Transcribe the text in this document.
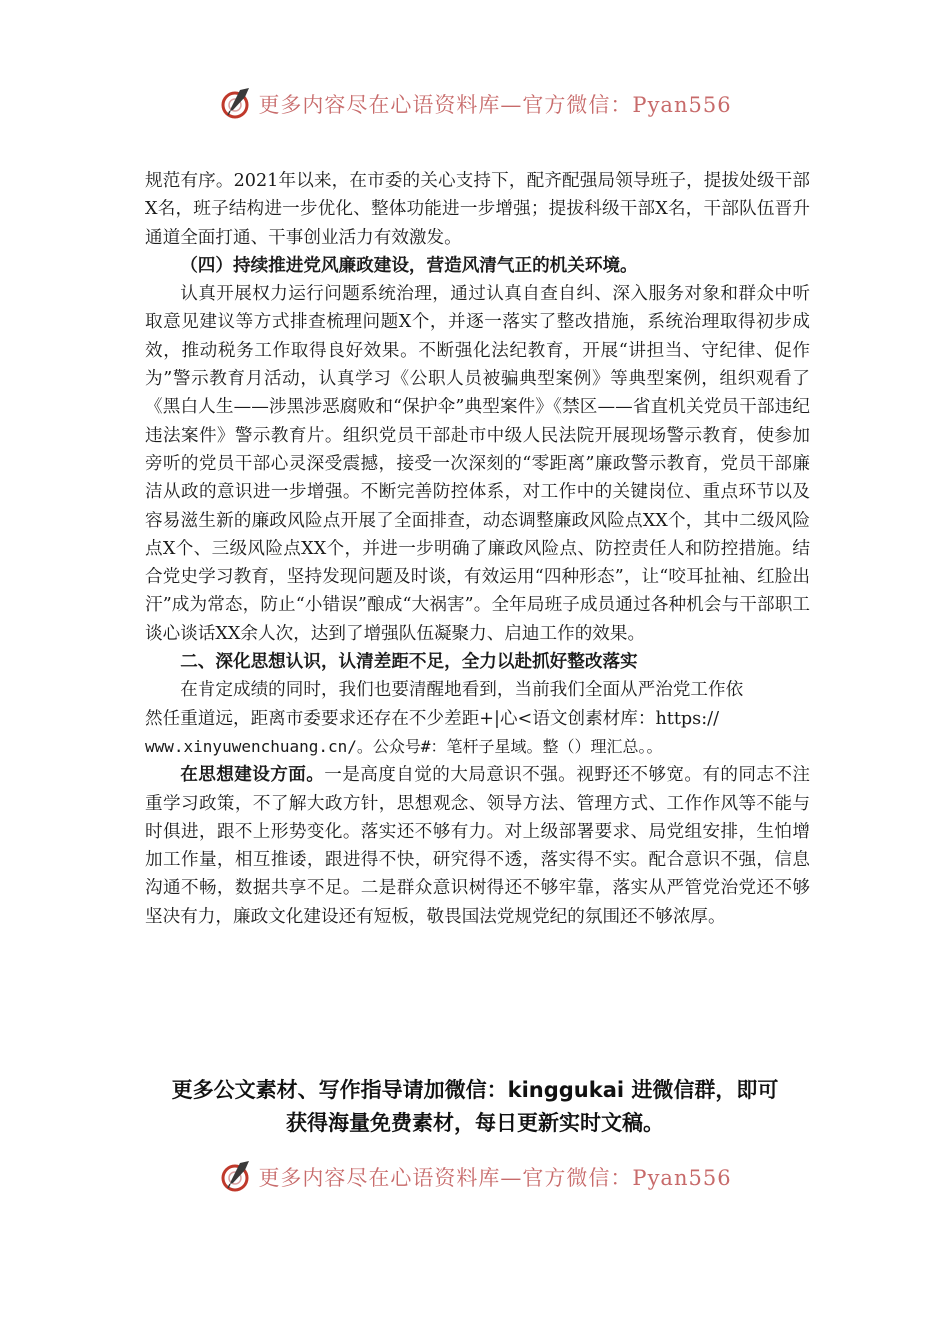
更多内容尽在心语资料库—官方微信：Pyan556

规范有序。2021年以来，在市委的关心支持下，配齐配强局领导班子，提拔处级干部X名，班子结构进一步优化、整体功能进一步增强；提拔科级干部X名，干部队伍晋升通道全面打通、干事创业活力有效激发。

（四）持续推进党风廉政建设，营造风清气正的机关环境。

认真开展权力运行问题系统治理，通过认真自查自纠、深入服务对象和群众中听取意见建议等方式排查梳理问题X个，并逐一落实了整改措施，系统治理取得初步成效，推动税务工作取得良好效果。不断强化法纪教育，开展“讲担当、守纪律、促作为”警示教育月活动，认真学习《公职人员被骗典型案例》等典型案例，组织观看了《黑白人生——涉黑涉恶腐败和“保护伞”典型案件》《禁区——省直机关党员干部违纪违法案件》警示教育片。组织党员干部赴市中级人民法院开展现场警示教育，使参加旁听的党员干部心灵深受震撼，接受一次深刻的“零距离”廉政警示教育，党员干部廉洁从政的意识进一步增强。不断完善防控体系，对工作中的关键岗位、重点环节以及容易滋生新的廉政风险点开展了全面排查，动态调整廉政风险点XX个，其中二级风险点X个、三级风险点XX个，并进一步明确了廉政风险点、防控责任人和防控措施。结合党史学习教育，坚持发现问题及时谈，有效运用“四种形态”，让“咬耳扯袖、红脸出汗”成为常态，防止“小错误”酿成“大祸害”。全年局班子成员通过各种机会与干部职工谈心谈话XX余人次，达到了增强队伍凝聚力、启迪工作的效果。

二、深化思想认识，认清差距不足，全力以赴抓好整改落实

在肯定成绩的同时，我们也要清醒地看到，当前我们全面从严治党工作依
然任重道远，距离市委要求还存在不少差距+|心<语文创素材库：https://
www.xinyuwenchuang.cn/。公众号#：笔杆子星域。整（）理汇总。。

在思想建设方面。一是高度自觉的大局意识不强。视野还不够宽。有的同志不注重学习政策，不了解大政方针，思想观念、领导方法、管理方式、工作作风等不能与时俱进，跟不上形势变化。落实还不够有力。对上级部署要求、局党组安排，生怕增加工作量，相互推诿，跟进得不快，研究得不透，落实得不实。配合意识不强，信息沟通不畅，数据共享不足。二是群众意识树得还不够牢靠，落实从严管党治党还不够坚决有力，廉政文化建设还有短板，敬畏国法党规党纪的氛围还不够浓厚。

更多公文素材、写作指导请加微信：kinggukai 进微信群，即可

获得海量免费素材，每日更新实时文稿。

更多内容尽在心语资料库—官方微信：Pyan556
